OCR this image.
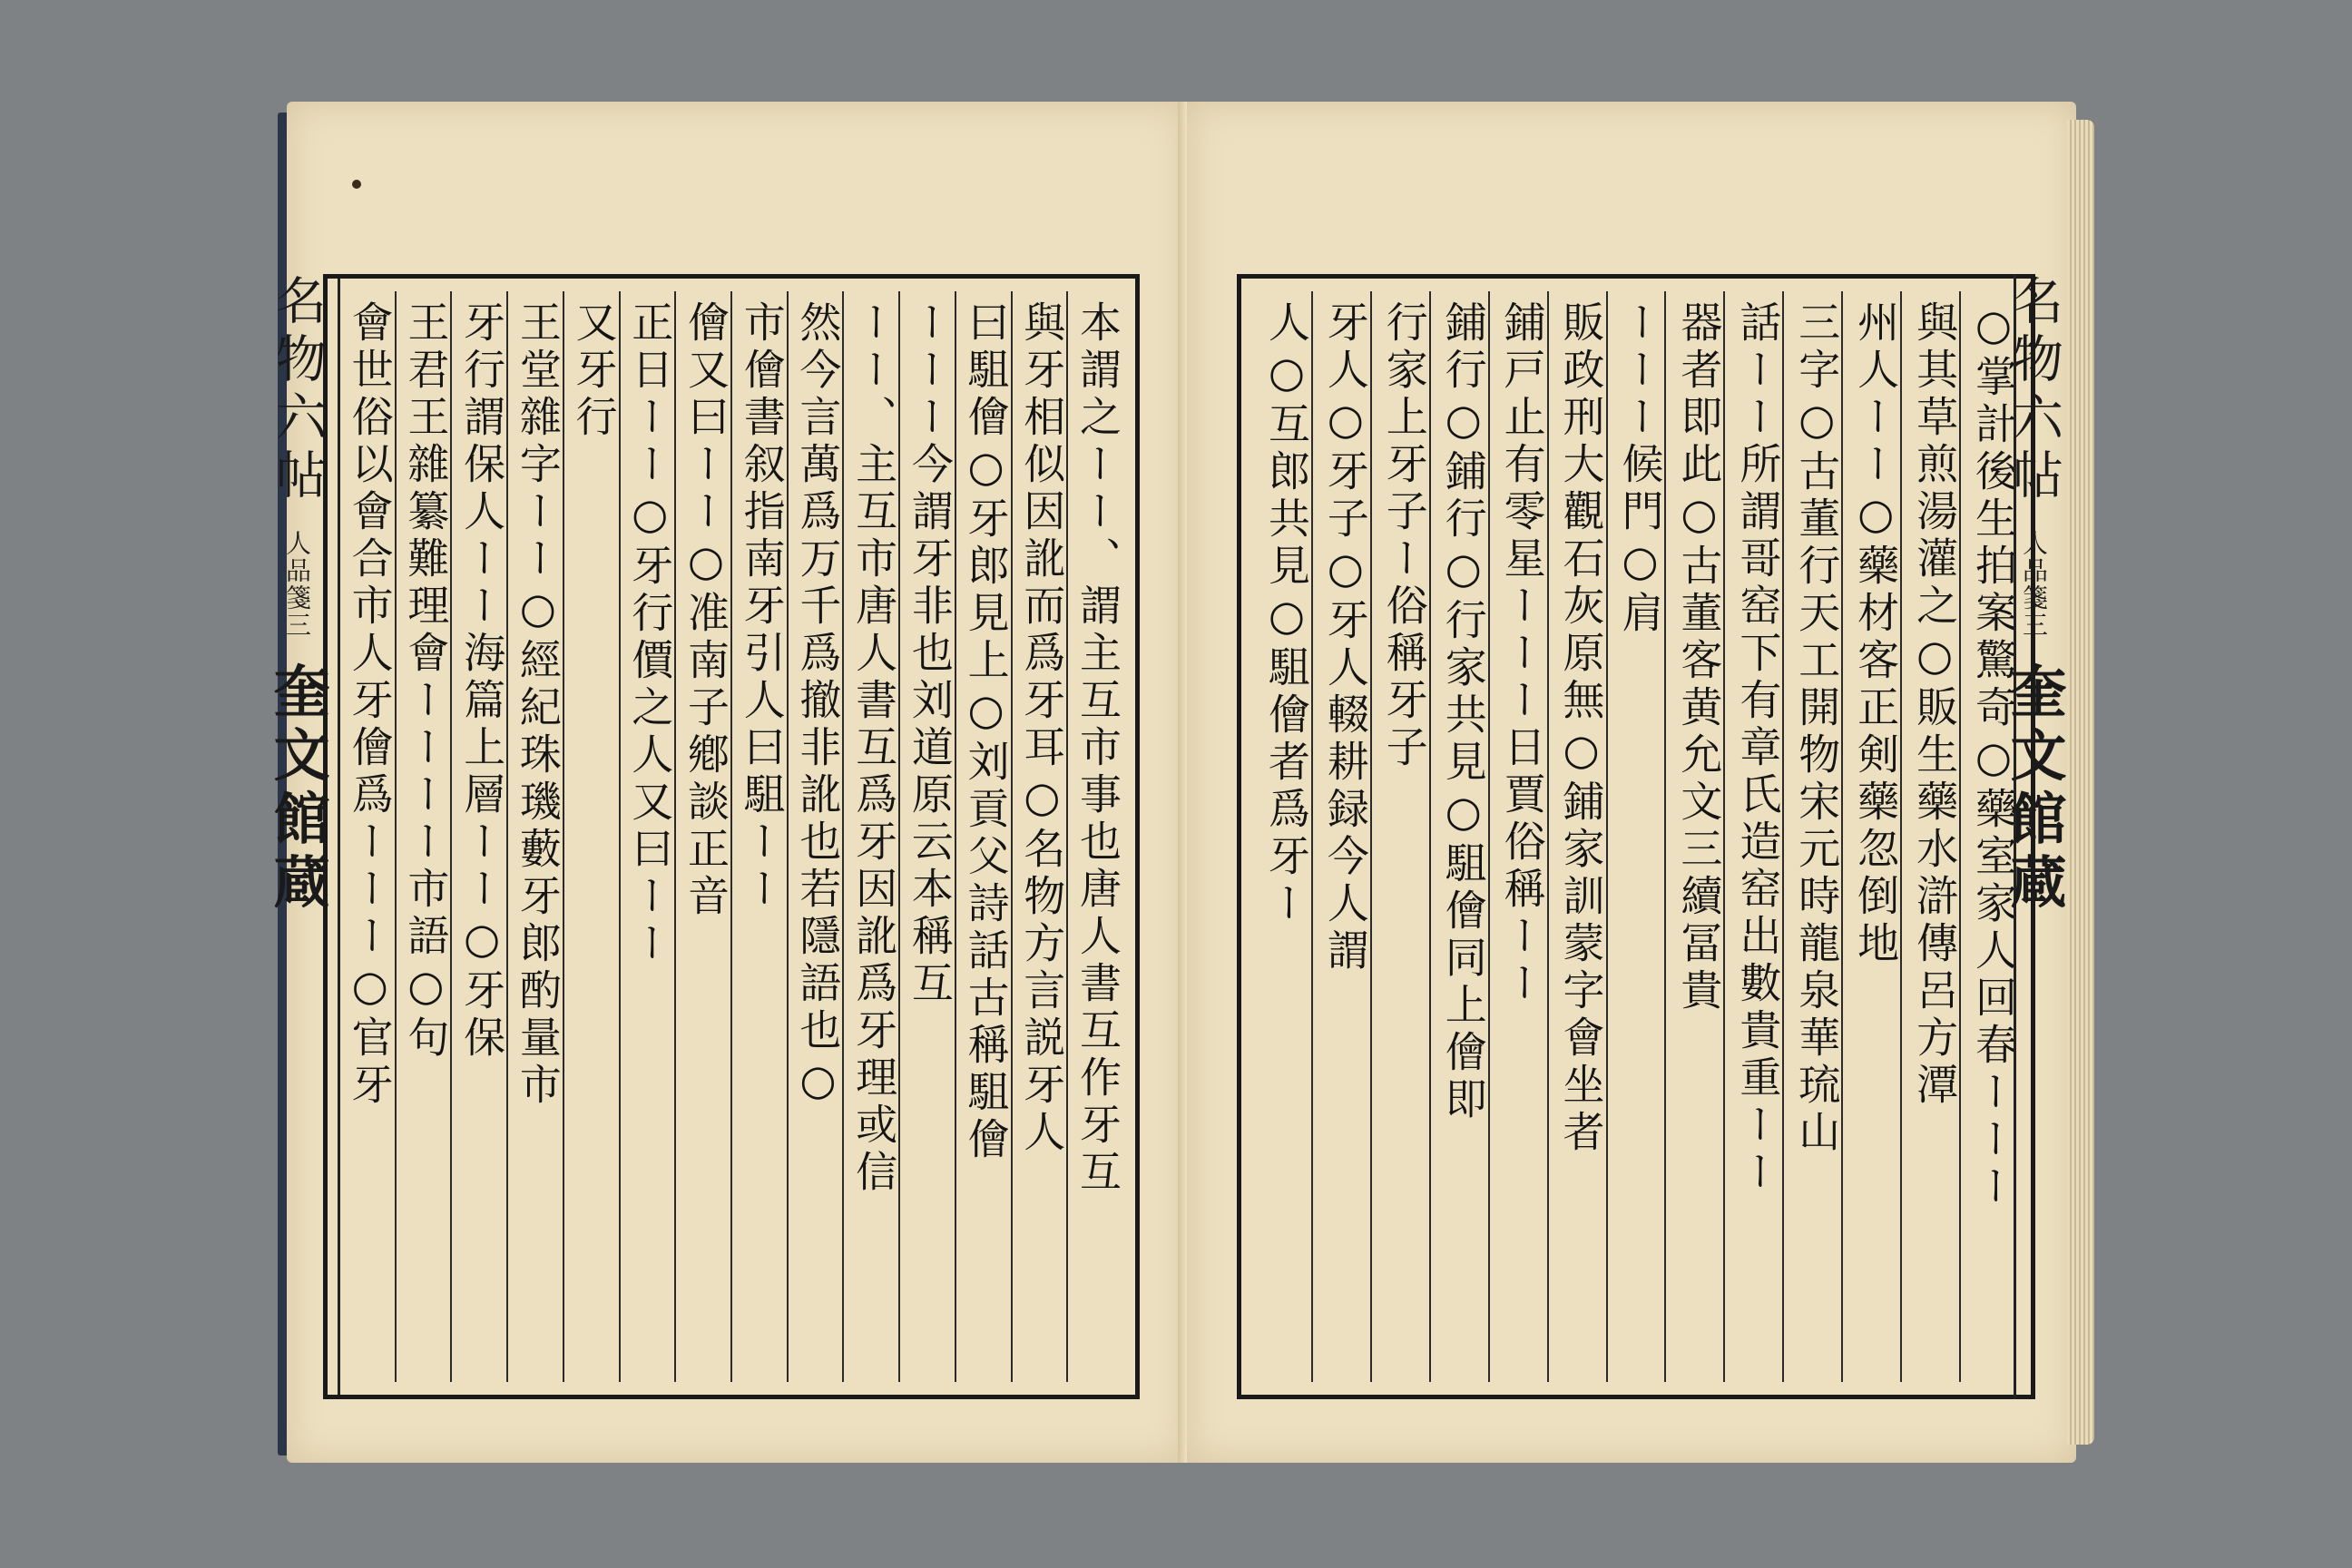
名物六帖 人品箋三 奎文館蔵	本謂之ーー、謂主互市事也唐人書互作牙互
與牙相似因訛而爲牙耳○名物方言説牙人
曰駔儈○牙郎見上○刘貢父詩話古稱駔儈
ーーー今謂牙非也刘道原云本稱互
ーー、主互市唐人書互爲牙因訛爲牙理或信
然今言萬爲万千爲撤非訛也若隱語也○
市儈書叙指南牙引人曰駔ーー
儈又曰ーー○准南子鄕談正音
正日ーー○牙行價之人又曰ーー
又牙行
王堂雜字ーー○經紀珠璣藪牙郎酌量市
牙行謂保人ーー海篇上層ーー○牙保
王君王雜纂難理會ーーーー市語○句
會世俗以會合市人牙儈爲ーーー○官牙	○掌計後生拍案驚奇○藥室家人回春ーーー
與其草煎湯灌之○販生藥水滸傳呂方潭
州人ーー○藥材客正剣藥忽倒地
三字○古董行天工開物宋元時龍泉華琉山
話ーー所謂哥窑下有章氏造窑出數貴重ーー
器者即此○古董客黄允文三續冨貴
ーーー候門○肩
販政刑大觀石灰原無○鋪家訓蒙字會坐者
鋪戸止有零星ーーー日賈俗稱ーー
鋪行○鋪行○行家共見○駔儈同上儈即
行家上牙子ー俗稱牙子
牙人○牙子○牙人輟耕録今人謂
人○互郎共見○駔儈者爲牙ー	名物六帖 人品箋三 奎文館蔵
